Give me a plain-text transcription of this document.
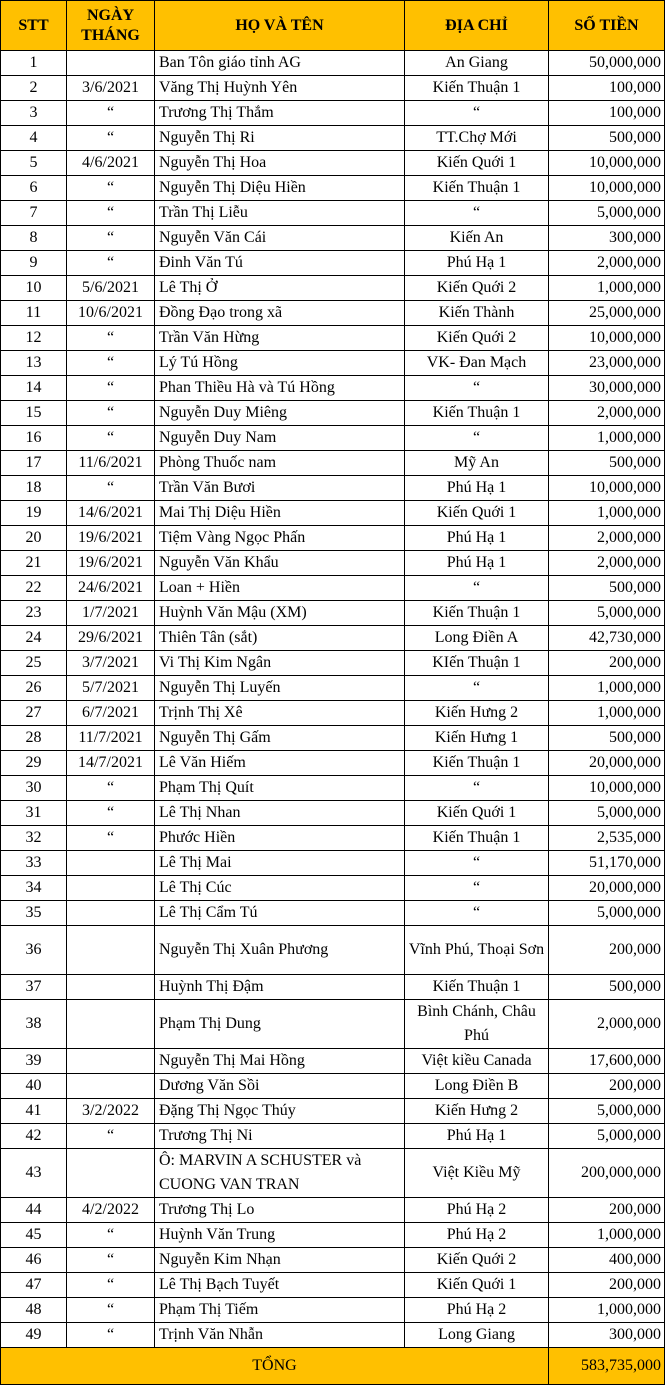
STT	NGÀY THÁNG	HỌ VÀ TÊN	ĐỊA CHỈ	SỐ TIỀN
1		Ban Tôn giáo tỉnh AG	An Giang	50,000,000
2	3/6/2021	Văng Thị Huỳnh Yên	Kiến Thuận 1	100,000
3	“	Trương Thị Thắm	“	100,000
4	“	Nguyễn Thị Ri	TT.Chợ Mới	500,000
5	4/6/2021	Nguyễn Thị Hoa	Kiến Quới 1	10,000,000
6	“	Nguyễn Thị Diệu Hiền	Kiến Thuận 1	10,000,000
7	“	Trần Thị Liễu	“	5,000,000
8	“	Nguyễn Văn Cái	Kiến An	300,000
9	“	Đinh Văn Tú	Phú Hạ 1	2,000,000
10	5/6/2021	Lê Thị Ở	Kiến Quới 2	1,000,000
11	10/6/2021	Đồng Đạo trong xã	Kiến Thành	25,000,000
12	“	Trần Văn Hừng	Kiến Quới 2	10,000,000
13	“	Lý Tú Hồng	VK- Đan Mạch	23,000,000
14	“	Phan Thiều Hà và Tú Hồng	“	30,000,000
15	“	Nguyễn Duy Miêng	Kiến Thuận 1	2,000,000
16	“	Nguyễn Duy Nam	“	1,000,000
17	11/6/2021	Phòng Thuốc nam	Mỹ An	500,000
18	“	Trần Văn Bươi	Phú Hạ 1	10,000,000
19	14/6/2021	Mai Thị Diệu Hiền	Kiến Quới 1	1,000,000
20	19/6/2021	Tiệm Vàng Ngọc Phấn	Phú Hạ 1	2,000,000
21	19/6/2021	Nguyễn Văn Khẩu	Phú Hạ 1	2,000,000
22	24/6/2021	Loan + Hiền	“	500,000
23	1/7/2021	Huỳnh Văn Mậu (XM)	Kiến Thuận 1	5,000,000
24	29/6/2021	Thiên Tân (sắt)	Long Điền A	42,730,000
25	3/7/2021	Vi Thị Kim Ngân	KIến Thuận 1	200,000
26	5/7/2021	Nguyễn Thị Luyến	“	1,000,000
27	6/7/2021	Trịnh Thị Xê	Kiến Hưng 2	1,000,000
28	11/7/2021	Nguyễn Thị Gấm	Kiến Hưng 1	500,000
29	14/7/2021	Lê Văn Hiếm	Kiến Thuận 1	20,000,000
30	“	Phạm Thị Quít	“	10,000,000
31	“	Lê Thị Nhan	Kiến Quới 1	5,000,000
32	“	Phước Hiền	Kiến Thuận 1	2,535,000
33		Lê Thị Mai	“	51,170,000
34		Lê Thị Cúc	“	20,000,000
35		Lê Thị Cẩm Tú	“	5,000,000
36		Nguyễn Thị Xuân Phương	Vĩnh Phú, Thoại Sơn	200,000
37		Huỳnh Thị Đậm	Kiến Thuận 1	500,000
38		Phạm Thị Dung	Bình Chánh, Châu Phú	2,000,000
39		Nguyễn Thị Mai Hồng	Việt kiều Canada	17,600,000
40		Dương Văn Sồi	Long Điền B	200,000
41	3/2/2022	Đặng Thị Ngọc Thúy	Kiến Hưng 2	5,000,000
42	“	Trương Thị Ni	Phú Hạ 1	5,000,000
43		Ô: MARVIN A SCHUSTER và CUONG VAN TRAN	Việt Kiều Mỹ	200,000,000
44	4/2/2022	Trương Thị Lo	Phú Hạ 2	200,000
45	“	Huỳnh Văn Trung	Phú Hạ 2	1,000,000
46	“	Nguyễn Kim Nhạn	Kiến Quới 2	400,000
47	“	Lê Thị Bạch Tuyết	Kiến Quới 1	200,000
48	“	Phạm Thị Tiếm	Phú Hạ 2	1,000,000
49	“	Trịnh Văn Nhẫn	Long Giang	300,000
TỔNG				583,735,000
